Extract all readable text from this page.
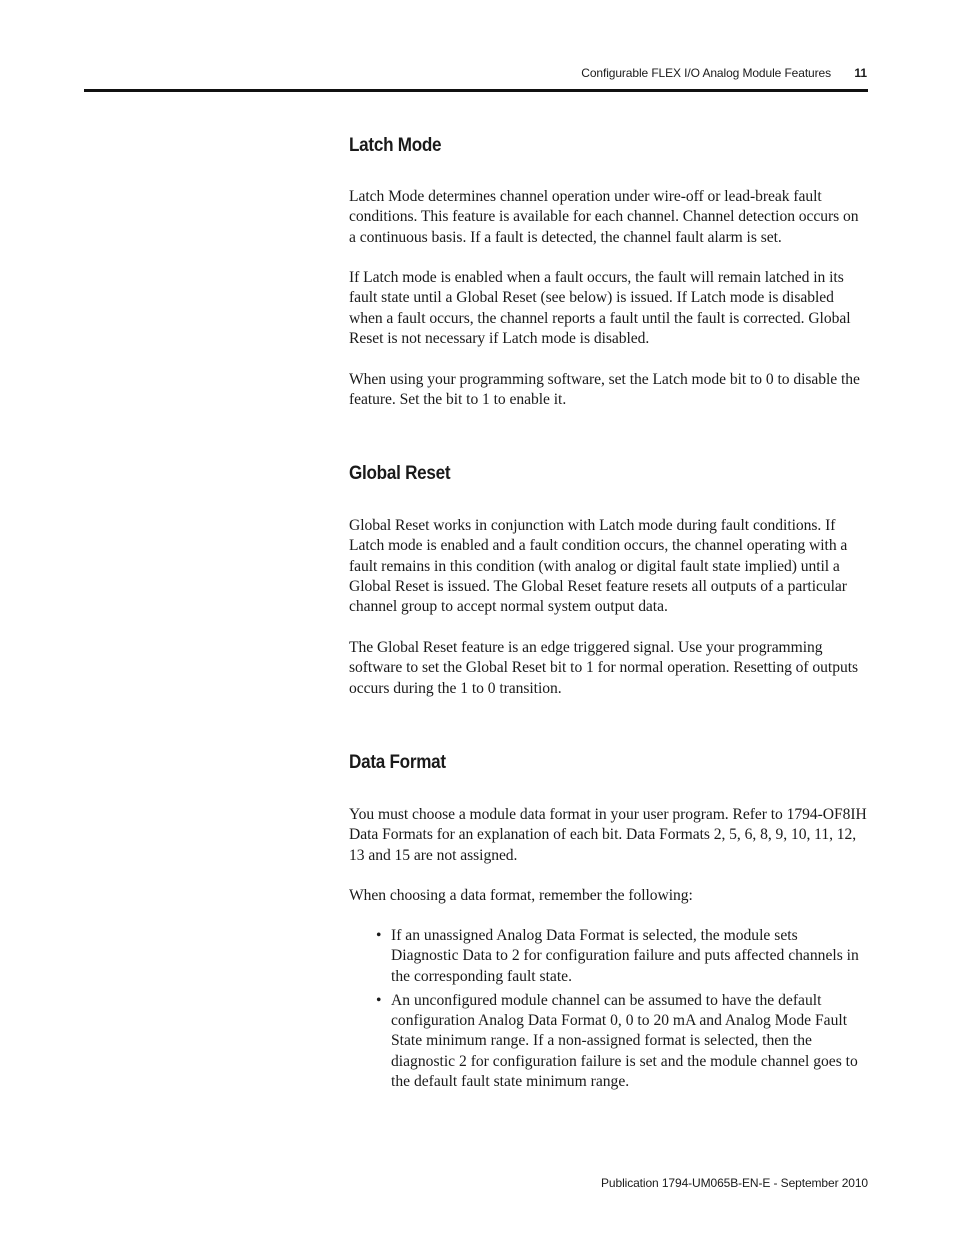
Configurable FLEX I/O Analog Module Features 11
Latch Mode

Latch Mode determines channel operation under wire-off or lead-break fault conditions. This feature is available for each channel. Channel detection occurs on a continuous basis. If a fault is detected, the channel fault alarm is set.

If Latch mode is enabled when a fault occurs, the fault will remain latched in its fault state until a Global Reset (see below) is issued. If Latch mode is disabled when a fault occurs, the channel reports a fault until the fault is corrected. Global Reset is not necessary if Latch mode is disabled.

When using your programming software, set the Latch mode bit to 0 to disable the feature. Set the bit to 1 to enable it.

Global Reset

Global Reset works in conjunction with Latch mode during fault conditions. If Latch mode is enabled and a fault condition occurs, the channel operating with a fault remains in this condition (with analog or digital fault state implied) until a Global Reset is issued. The Global Reset feature resets all outputs of a particular channel group to accept normal system output data.

The Global Reset feature is an edge triggered signal. Use your programming software to set the Global Reset bit to 1 for normal operation. Resetting of outputs occurs during the 1 to 0 transition.

Data Format

You must choose a module data format in your user program. Refer to 1794-OF8IH Data Formats for an explanation of each bit. Data Formats 2, 5, 6, 8, 9, 10, 11, 12, 13 and 15 are not assigned.

When choosing a data format, remember the following:

• If an unassigned Analog Data Format is selected, the module sets Diagnostic Data to 2 for configuration failure and puts affected channels in the corresponding fault state.
• An unconfigured module channel can be assumed to have the default configuration Analog Data Format 0, 0 to 20 mA and Analog Mode Fault State minimum range. If a non-assigned format is selected, then the diagnostic 2 for configuration failure is set and the module channel goes to the default fault state minimum range.
Publication 1794-UM065B-EN-E - September 2010
